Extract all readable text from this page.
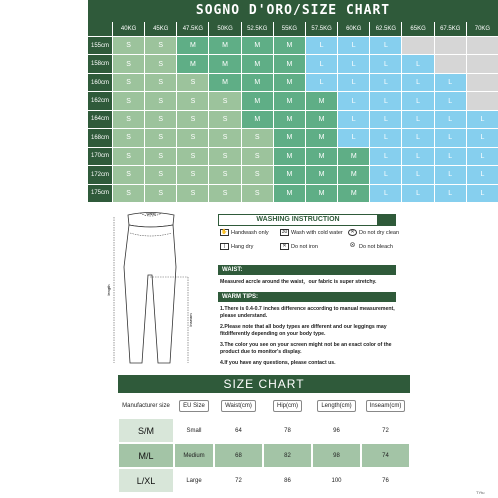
SOGNO D'ORO/SIZE CHART
40KG	45KG	47.5KG	50KG	52.5KG	55KG	57.5KG	60KG	62.5KG	65KG	67.5KG	70KG
155cm	S	S	M	M	M	M	L	L	L
158cm	S	S	M	M	M	M	L	L	L	L
160cm	S	S	S	M	M	M	L	L	L	L	L
162cm	S	S	S	S	M	M	M	L	L	L	L
164cm	S	S	S	S	M	M	M	L	L	L	L	L
168cm	S	S	S	S	S	M	M	L	L	L	L	L
170cm	S	S	S	S	S	M	M	M	L	L	L	L
172cm	S	S	S	S	S	M	M	M	L	L	L	L
175cm	S	S	S	S	S	M	M	M	L	L	L	L
waist
length
Inseam
WASHING INSTRUCTION
✋ Handwash only	30 Wash with cold water	✕ Do not dry clean
|	Hang dry	✕ Do not iron	⨂ Do not bleach
WAIST:
Measured acrcle around the waist，our fabric is super stretchy.
WARM TIPS:

1.There is 0.4-0.7 inches difference according to manual measurement, please understand.

2.Please note that all body types are different and our leggings may fitdifferently depending on your body type.

3.The color you see on your screen might not be an exact color of the product due to monitor's display.

4.If you have any questions, please contact us.

SIZE CHART
Manufacturer size	EU Size	Waist(cm)	Hip(cm)	Length(cm)	Inseam(cm)
S/M	Small	64	78	96	72
M/L	Medium	68	82	98	74
L/XL	Large	72	86	100	76
TYtu
